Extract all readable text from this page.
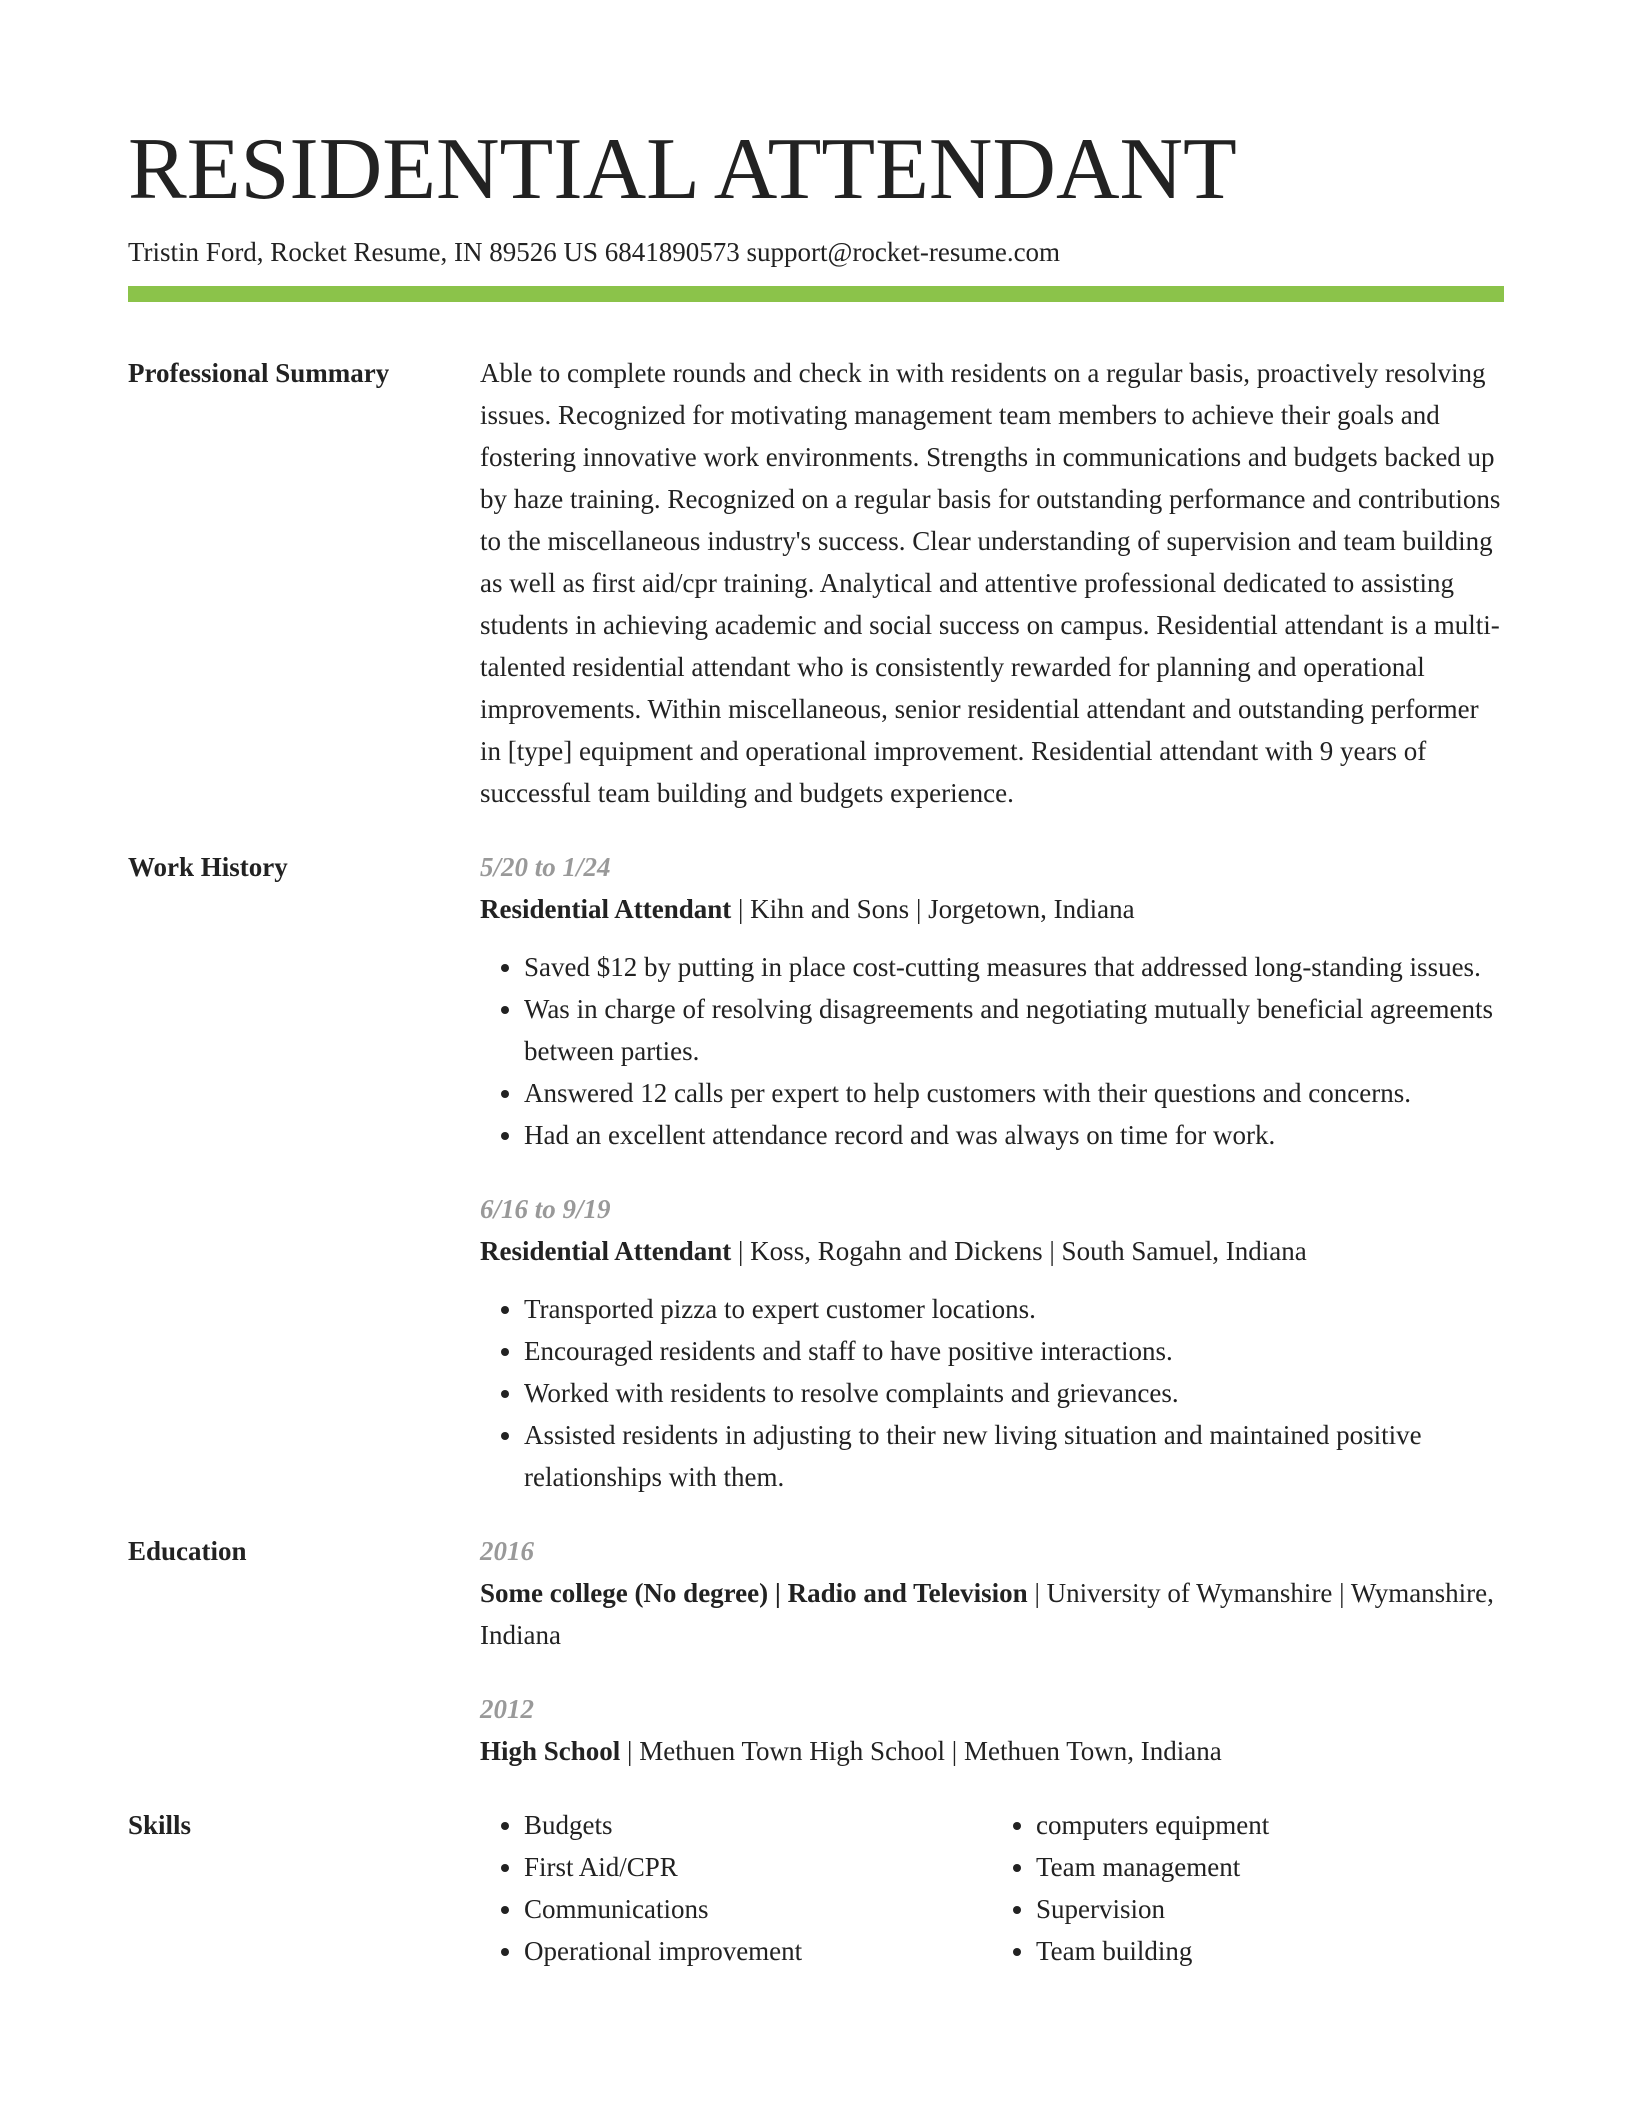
RESIDENTIAL ATTENDANT
Tristin Ford, Rocket Resume, IN 89526 US 6841890573 support@rocket-resume.com
Professional Summary	Able to complete rounds and check in with residents on a regular basis, proactively resolving issues. Recognized for motivating management team members to achieve their goals and fostering innovative work environments. Strengths in communications and budgets backed up by haze training. Recognized on a regular basis for outstanding performance and contributions to the miscellaneous industry's success. Clear understanding of supervision and team building as well as first aid/cpr training. Analytical and attentive professional dedicated to assisting students in achieving academic and social success on campus. Residential attendant is a multi-talented residential attendant who is consistently rewarded for planning and operational improvements. Within miscellaneous, senior residential attendant and outstanding performer in [type] equipment and operational improvement. Residential attendant with 9 years of successful team building and budgets experience.

Work History	5/20 to 1/24

Residential Attendant | Kihn and Sons | Jorgetown, Indiana

• Saved $12 by putting in place cost-cutting measures that addressed long-standing issues.
• Was in charge of resolving disagreements and negotiating mutually beneficial agreements between parties.
• Answered 12 calls per expert to help customers with their questions and concerns.
• Had an excellent attendance record and was always on time for work.

6/16 to 9/19

Residential Attendant | Koss, Rogahn and Dickens | South Samuel, Indiana

• Transported pizza to expert customer locations.
• Encouraged residents and staff to have positive interactions.
• Worked with residents to resolve complaints and grievances.
• Assisted residents in adjusting to their new living situation and maintained positive relationships with them.
Education	2016

Some college (No degree) | Radio and Television | University of Wymanshire | Wymanshire, Indiana

2012

High School | Methuen Town High School | Methuen Town, Indiana

Skills
•	Budgets
• First Aid/CPR
• Communications
• Operational improvement
• computers equipment
• Team management
• Supervision
• Team building
